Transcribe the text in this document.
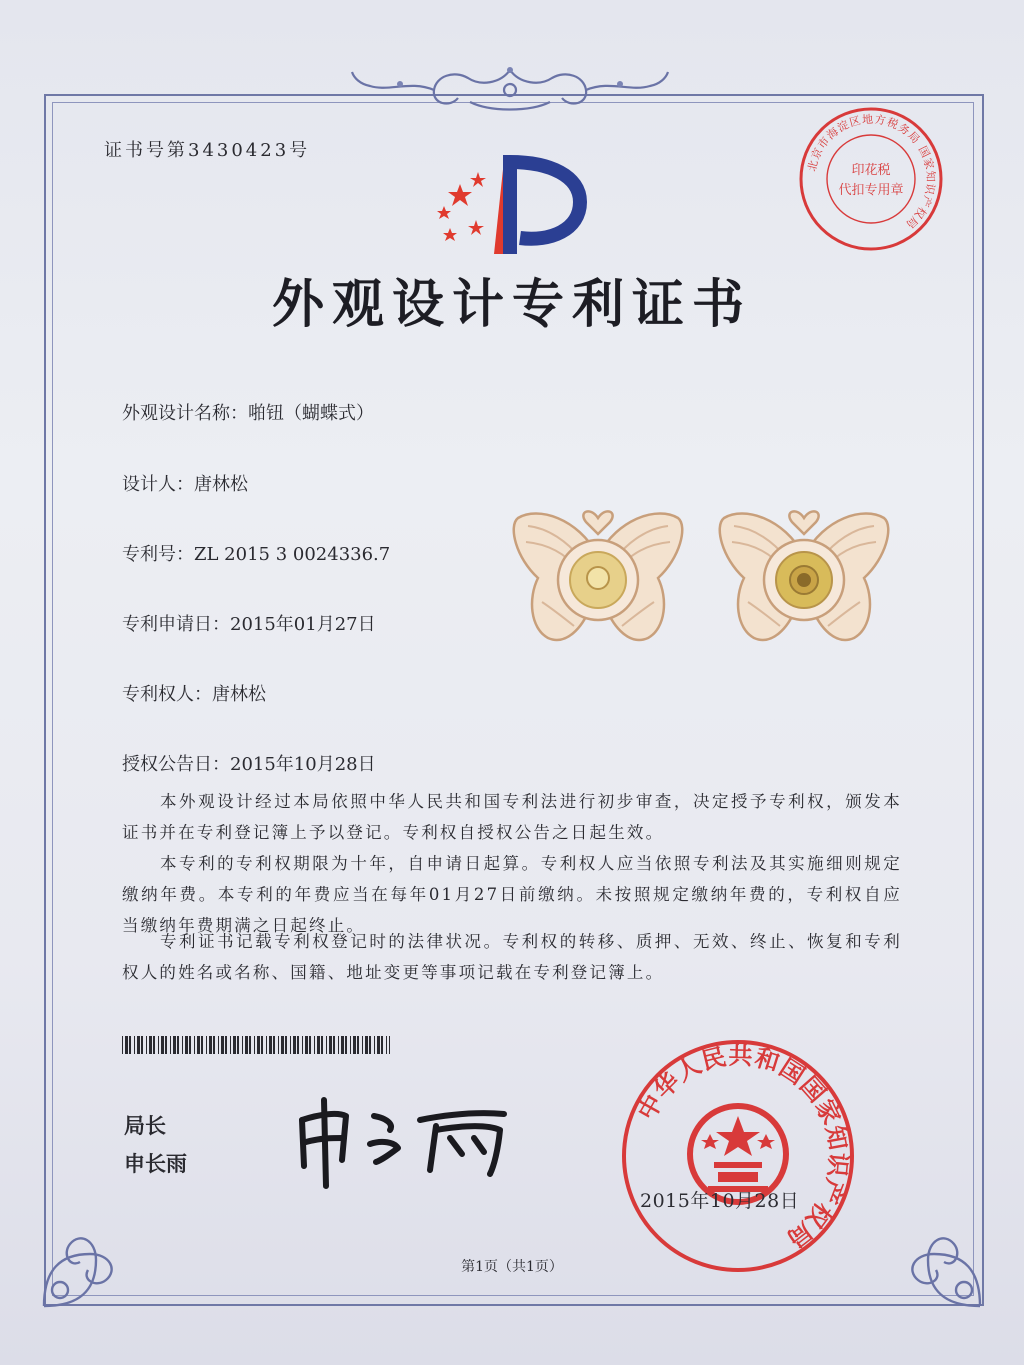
证书号第3430423号
外观设计专利证书
北京市海淀区地方税务局 国家知识产权局
印花税
代扣专用章
外观设计名称：啪钮（蝴蝶式）
设计人：唐林松
专利号：ZL 2015 3 0024336.7
专利申请日：2015年01月27日
专利权人：唐林松
授权公告日：2015年10月28日
本外观设计经过本局依照中华人民共和国专利法进行初步审查，决定授予专利权，颁发本证书并在专利登记簿上予以登记。专利权自授权公告之日起生效。
本专利的专利权期限为十年，自申请日起算。专利权人应当依照专利法及其实施细则规定缴纳年费。本专利的年费应当在每年01月27日前缴纳。未按照规定缴纳年费的，专利权自应当缴纳年费期满之日起终止。
专利证书记载专利权登记时的法律状况。专利权的转移、质押、无效、终止、恢复和专利权人的姓名或名称、国籍、地址变更等事项记载在专利登记簿上。
局长
申长雨
中华人民共和国国家知识产权局
2015年10月28日
第1页（共1页）
